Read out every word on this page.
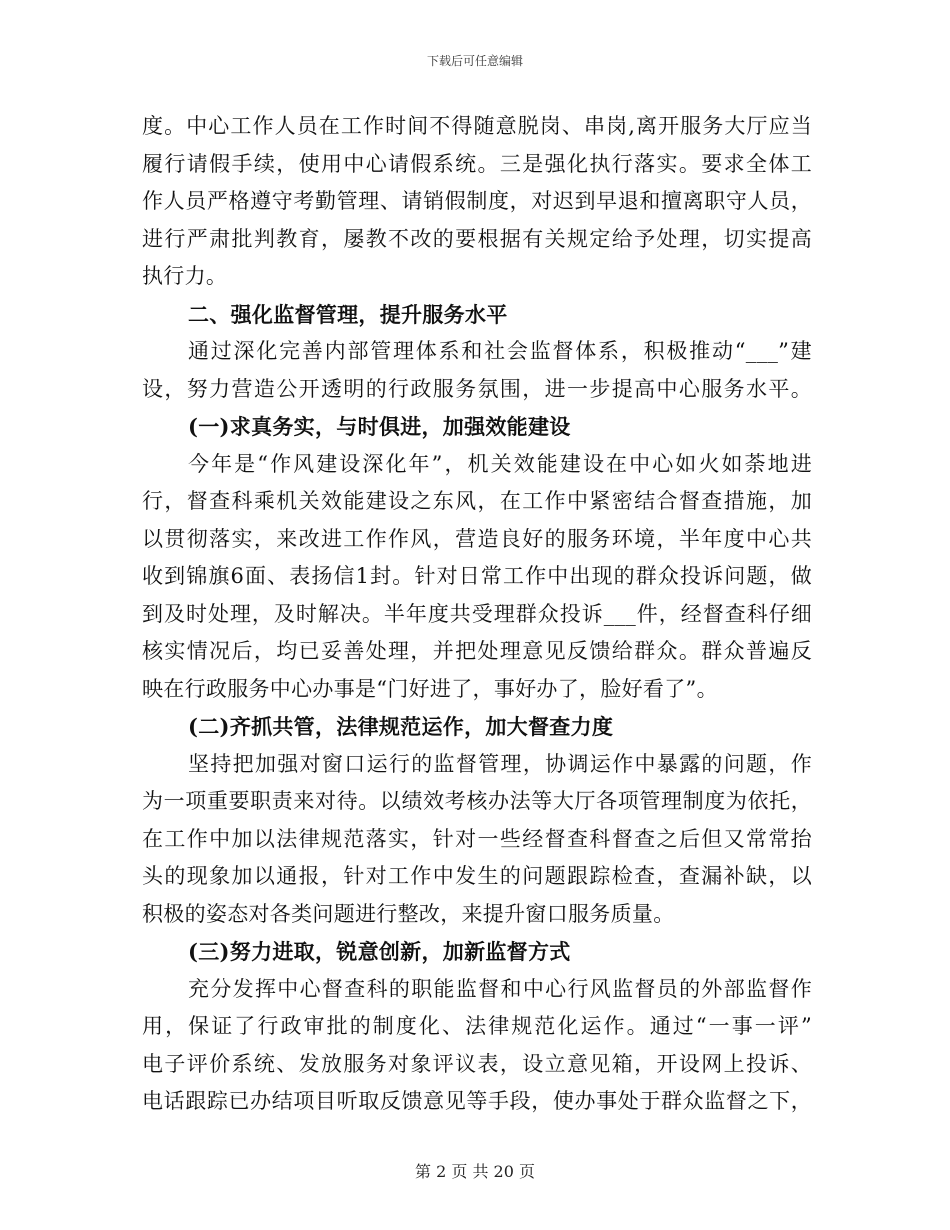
下载后可任意编辑
度。中心工作人员在工作时间不得随意脱岗、串岗,离开服务大厅应当
履行请假手续，使用中心请假系统。三是强化执行落实。要求全体工
作人员严格遵守考勤管理、请销假制度，对迟到早退和擅离职守人员，
进行严肃批判教育，屡教不改的要根据有关规定给予处理，切实提高
执行力。
二、强化监督管理，提升服务水平
通过深化完善内部管理体系和社会监督体系，积极推动“___”建
设，努力营造公开透明的行政服务氛围，进一步提高中心服务水平。
(一)求真务实，与时俱进，加强效能建设
今年是“作风建设深化年”，机关效能建设在中心如火如荼地进
行，督查科乘机关效能建设之东风，在工作中紧密结合督查措施，加
以贯彻落实，来改进工作作风，营造良好的服务环境，半年度中心共
收到锦旗6面、表扬信1封。针对日常工作中出现的群众投诉问题，做
到及时处理，及时解决。半年度共受理群众投诉___件，经督查科仔细
核实情况后，均已妥善处理，并把处理意见反馈给群众。群众普遍反
映在行政服务中心办事是“门好进了，事好办了，脸好看了”。
(二)齐抓共管，法律规范运作，加大督查力度
坚持把加强对窗口运行的监督管理，协调运作中暴露的问题，作
为一项重要职责来对待。以绩效考核办法等大厅各项管理制度为依托，
在工作中加以法律规范落实，针对一些经督查科督查之后但又常常抬
头的现象加以通报，针对工作中发生的问题跟踪检查，查漏补缺，以
积极的姿态对各类问题进行整改，来提升窗口服务质量。
(三)努力进取，锐意创新，加新监督方式
充分发挥中心督查科的职能监督和中心行风监督员的外部监督作
用，保证了行政审批的制度化、法律规范化运作。通过“一事一评”
电子评价系统、发放服务对象评议表，设立意见箱，开设网上投诉、
电话跟踪已办结项目听取反馈意见等手段，使办事处于群众监督之下，
第 2 页 共 20 页
